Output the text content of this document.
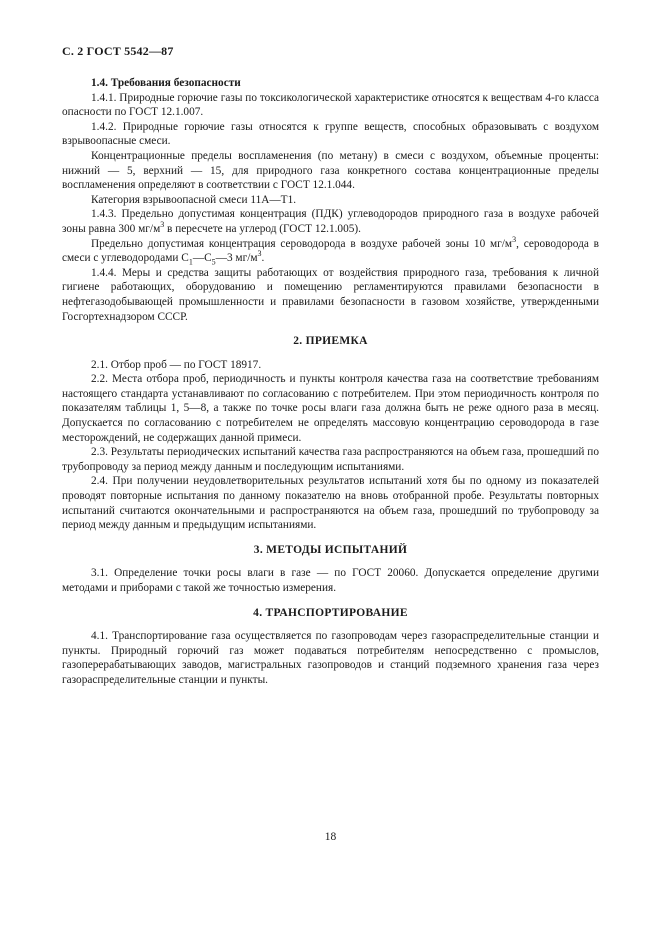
С. 2 ГОСТ 5542—87

1.4. Требования безопасности

1.4.1. Природные горючие газы по токсикологической характеристике относятся к веществам 4-го класса опасности по ГОСТ 12.1.007.

1.4.2. Природные горючие газы относятся к группе веществ, способных образовывать с воздухом взрывоопасные смеси.

Концентрационные пределы воспламенения (по метану) в смеси с воздухом, объемные проценты: нижний — 5, верхний — 15, для природного газа конкретного состава концентрационные пределы воспламенения определяют в соответствии с ГОСТ 12.1.044.

Категория взрывоопасной смеси 11А—Т1.

1.4.3. Предельно допустимая концентрация (ПДК) углеводородов природного газа в воздухе рабочей зоны равна 300 $мг/м^3$ в пересчете на углерод (ГОСТ 12.1.005).

Предельно допустимая концентрация сероводорода в воздухе рабочей зоны 10 $мг/м^3$, сероводорода в смеси с углеводородами $С_1—С_5—3$ $мг/м^3$.

1.4.4. Меры и средства защиты работающих от воздействия природного газа, требования к личной гигиене работающих, оборудованию и помещению регламентируются правилами безопасности в нефтегазодобывающей промышленности и правилами безопасности в газовом хозяйстве, утвержденными Госгортехнадзором СССР.

2. ПРИЕМКА

2.1. Отбор проб — по ГОСТ 18917.

2.2. Места отбора проб, периодичность и пункты контроля качества газа на соответствие требованиям настоящего стандарта устанавливают по согласованию с потребителем. При этом периодичность контроля по показателям таблицы 1, 5—8, а также по точке росы влаги газа должна быть не реже одного раза в месяц. Допускается по согласованию с потребителем не определять массовую концентрацию сероводорода в газе месторождений, не содержащих данной примеси.

2.3. Результаты периодических испытаний качества газа распространяются на объем газа, прошедший по трубопроводу за период между данным и последующим испытаниями.

2.4. При получении неудовлетворительных результатов испытаний хотя бы по одному из показателей проводят повторные испытания по данному показателю на вновь отобранной пробе. Результаты повторных испытаний считаются окончательными и распространяются на объем газа, прошедший по трубопроводу за период между данным и предыдущим испытаниями.

3. МЕТОДЫ ИСПЫТАНИЙ

3.1. Определение точки росы влаги в газе — по ГОСТ 20060. Допускается определение другими методами и приборами с такой же точностью измерения.

4. ТРАНСПОРТИРОВАНИЕ

4.1. Транспортирование газа осуществляется по газопроводам через газораспределительные станции и пункты. Природный горючий газ может подаваться потребителям непосредственно с промыслов, газоперерабатывающих заводов, магистральных газопроводов и станций подземного хранения газа через газораспределительные станции и пункты.

18
